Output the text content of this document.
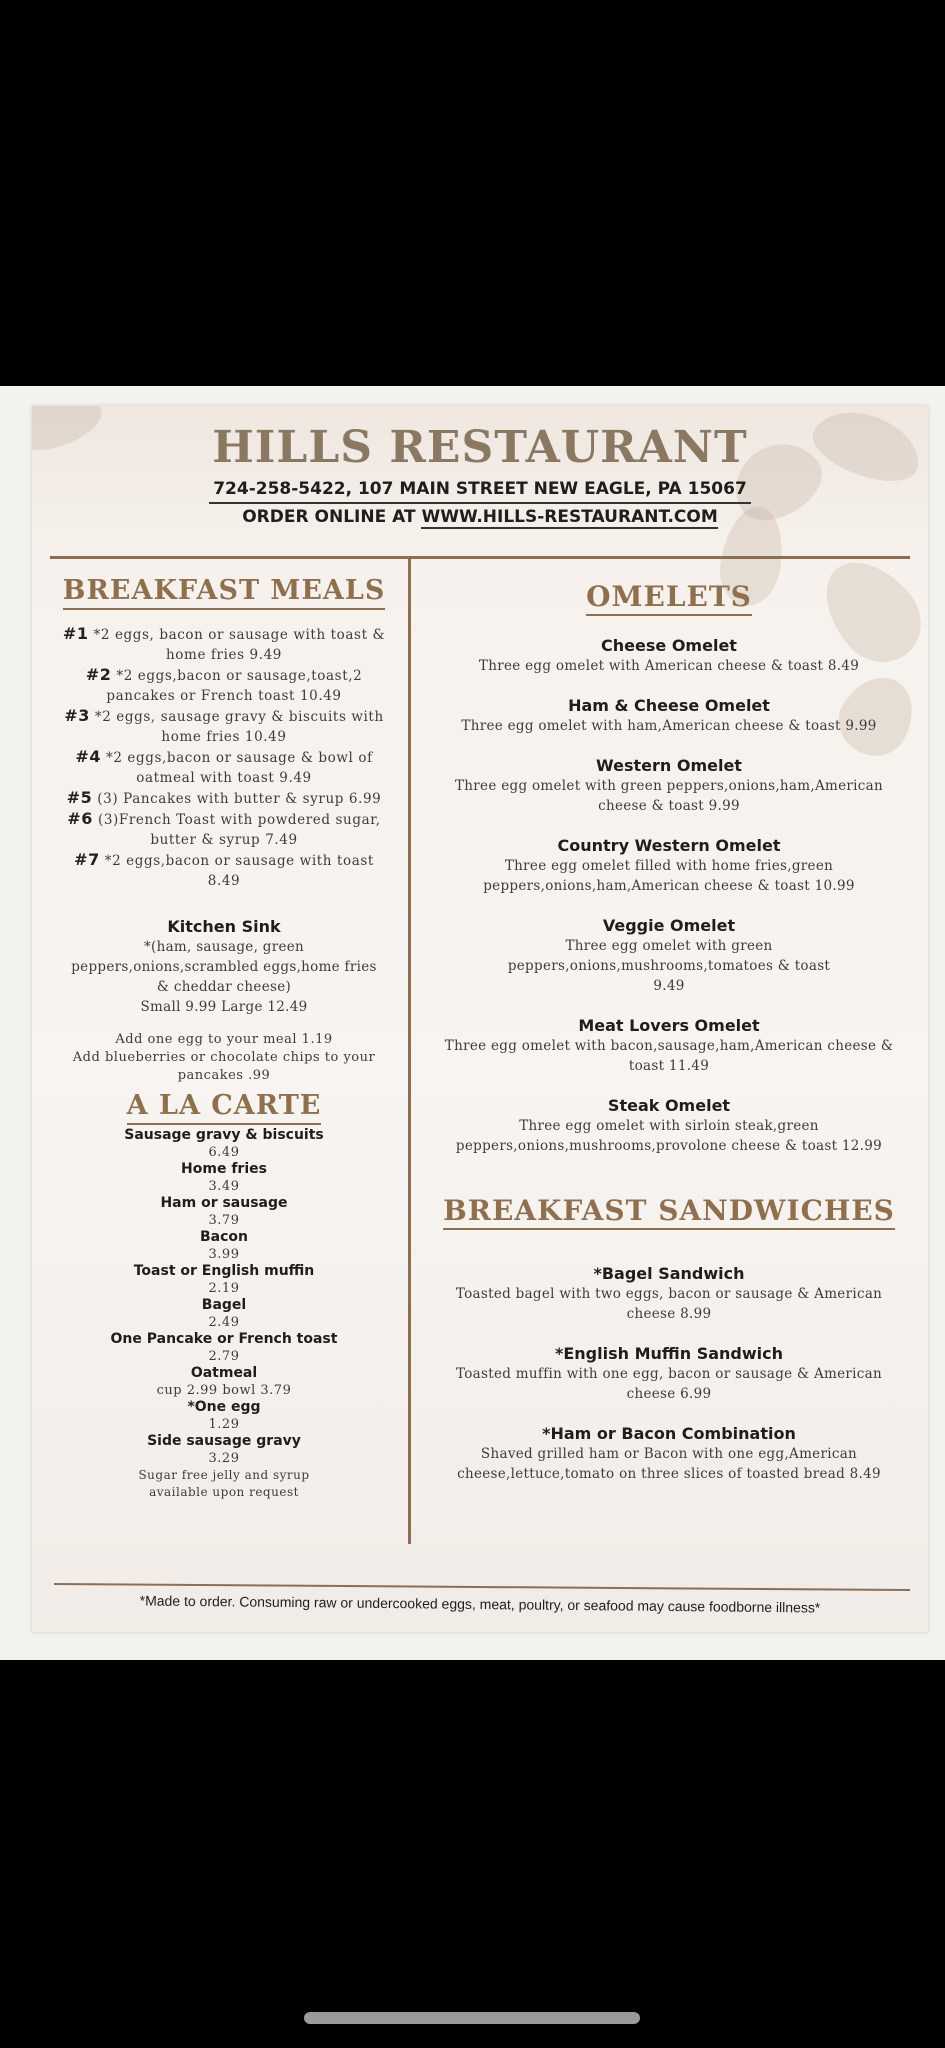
HILLS RESTAURANT
724-258-5422, 107 MAIN STREET NEW EAGLE, PA 15067
ORDER ONLINE AT WWW.HILLS-RESTAURANT.COM
BREAKFAST MEALS

#1 *2 eggs, bacon or sausage with toast & home fries 9.49

#2 *2 eggs,bacon or sausage,toast,2 pancakes or French toast 10.49

#3 *2 eggs, sausage gravy & biscuits with home fries 10.49

#4 *2 eggs,bacon or sausage & bowl of oatmeal with toast 9.49

#5 (3) Pancakes with butter & syrup 6.99

#6 (3)French Toast with powdered sugar, butter & syrup 7.49

#7 *2 eggs,bacon or sausage with toast 8.49

Kitchen Sink

*(ham, sausage, green peppers,onions,scrambled eggs,home fries & cheddar cheese)

Small 9.99 Large 12.49

Add one egg to your meal 1.19

Add blueberries or chocolate chips to your pancakes .99

A LA CARTE

Sausage gravy & biscuits

6.49

Home fries

3.49

Ham or sausage

3.79

Bacon

3.99

Toast or English muffin

2.19

Bagel

2.49

One Pancake or French toast

2.79

Oatmeal

cup 2.99 bowl 3.79

*One egg

1.29

Side sausage gravy

3.29

Sugar free jelly and syrup available upon request

OMELETS

Cheese Omelet

Three egg omelet with American cheese & toast 8.49

Ham & Cheese Omelet

Three egg omelet with ham,American cheese & toast 9.99

Western Omelet

Three egg omelet with green peppers,onions,ham,American cheese & toast 9.99

Country Western Omelet

Three egg omelet filled with home fries,green peppers,onions,ham,American cheese & toast 10.99

Veggie Omelet

Three egg omelet with green peppers,onions,mushrooms,tomatoes & toast 9.49

Meat Lovers Omelet

Three egg omelet with bacon,sausage,ham,American cheese & toast 11.49

Steak Omelet

Three egg omelet with sirloin steak,green peppers,onions,mushrooms,provolone cheese & toast 12.99

BREAKFAST SANDWICHES

*Bagel Sandwich

Toasted bagel with two eggs, bacon or sausage & American cheese 8.99

*English Muffin Sandwich

Toasted muffin with one egg, bacon or sausage & American cheese 6.99

*Ham or Bacon Combination

Shaved grilled ham or Bacon with one egg,American cheese,lettuce,tomato on three slices of toasted bread 8.49

*Made to order. Consuming raw or undercooked eggs, meat, poultry, or seafood may cause foodborne illness*
